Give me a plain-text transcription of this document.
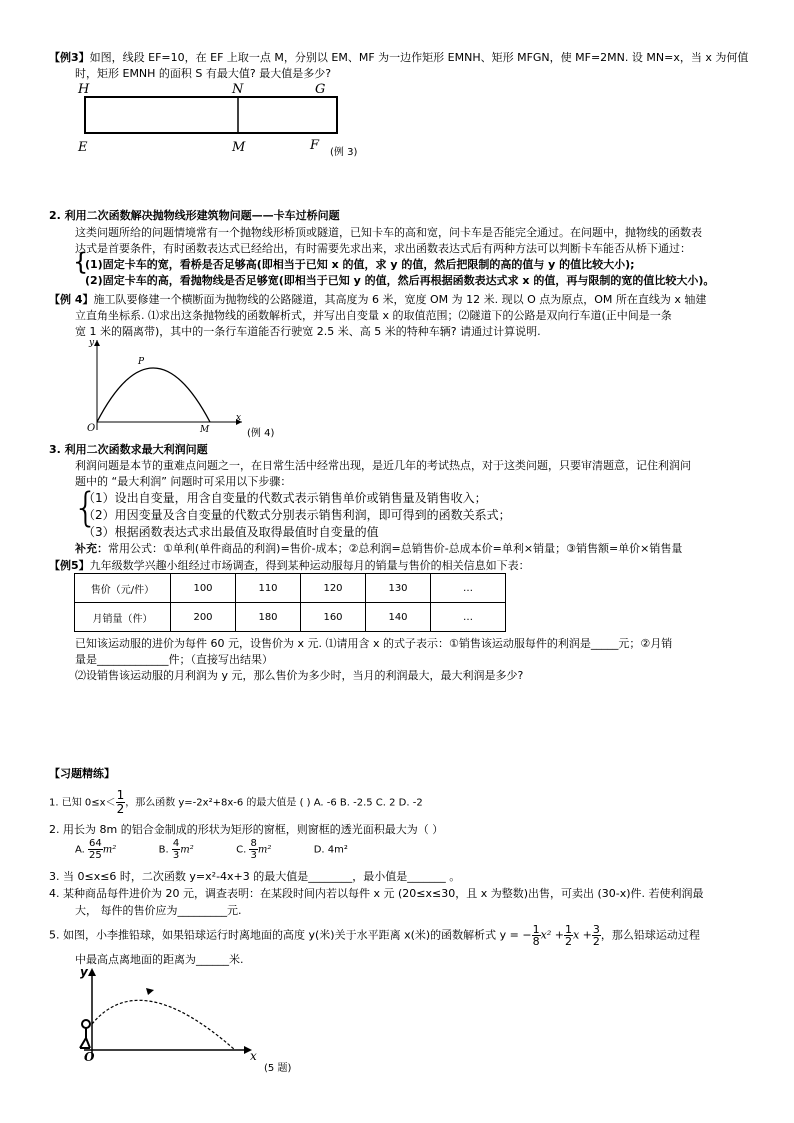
【例3】如图，线段 EF=10，在 EF 上取一点 M，分别以 EM、MF 为一边作矩形 EMNH、矩形 MFGN，使 MF=2MN. 设 MN=x，当 x 为何值
时，矩形 EMNH 的面积 S 有最大值? 最大值是多少?
H	N	G
E	M	F (例 3)
2. 利用二次函数解决抛物线形建筑物问题——卡车过桥问题
这类问题所给的问题情境常有一个抛物线形桥顶或隧道，已知卡车的高和宽，问卡车是否能完全通过。在问题中，抛物线的函数表
达式是首要条件，有时函数表达式已经给出，有时需要先求出来，求出函数表达式后有两种方法可以判断卡车能否从桥下通过：
{
(1)固定卡车的宽，看桥是否足够高(即相当于已知 x 的值，求 y 的值，然后把限制的高的值与 y 的值比较大小);
(2)固定卡车的高，看抛物线是否足够宽(即相当于已知 y 的值，然后再根据函数表达式求 x 的值，再与限制的宽的值比较大小)。
【例 4】施工队要修建一个横断面为抛物线的公路隧道，其高度为 6 米，宽度 OM 为 12 米. 现以 O 点为原点，OM 所在直线为 x 轴建
立直角坐标系. ⑴求出这条抛物线的函数解析式，并写出自变量 x 的取值范围；⑵隧道下的公路是双向行车道(正中间是一条
宽 1 米的隔离带)，其中的一条行车道能否行驶宽 2.5 米、高 5 米的特种车辆? 请通过计算说明.
y
x
P
O	M	(例 4)
3. 利用二次函数求最大利润问题
利润问题是本节的重难点问题之一，在日常生活中经常出现，是近几年的考试热点，对于这类问题，只要审清题意，记住利润问
题中的 “最大利润” 问题时可采用以下步骤：
{
（1）设出自变量，用含自变量的代数式表示销售单价或销售量及销售收入；
（2）用因变量及含自变量的代数式分别表示销售利润，即可得到的函数关系式；
（3）根据函数表达式求出最值及取得最值时自变量的值
补充：常用公式：①单利(单件商品的利润)=售价-成本；②总利润=总销售价-总成本价=单利×销量；③销售额=单价×销售量
【例5】九年级数学兴趣小组经过市场调查，得到某种运动服每月的销量与售价的相关信息如下表：
售价（元/件）	100	110	120	130	…
月销量（件）	200	180	160	140	…
已知该运动服的进价为每件 60 元，设售价为 x 元. ⑴请用含 x 的式子表示：①销售该运动服每件的利润是_____元；②月销
量是_____________件；（直接写出结果）
⑵设销售该运动服的月利润为 y 元，那么售价为多少时，当月的利润最大，最大利润是多少?
【习题精练】
1. 已知 $0\le x< \frac{1}{2}$ ，那么函数 y=-2x²+8x-6 的最大值是 ( ) A. -6 B. -2.5 C. 2 D. -2
2. 用长为 8m 的铝合金制成的形状为矩形的窗框，则窗框的透光面积最大为（ ）
A. $\frac{64}{25} m^2$	B. $\frac{4}{3} m^2$	C. $\frac{8}{3} m^2$	D. 4m²
3. 当 0≤x≤6 时，二次函数 y=x²-4x+3 的最大值是________，最小值是_______ 。
4. 某种商品每件进价为 20 元，调查表明：在某段时间内若以每件 x 元 (20≤x≤30，且 x 为整数)出售，可卖出 (30-x)件. 若使利润最
大， 每件的售价应为_________元.
5. 如图，小李推铅球，如果铅球运行时离地面的高度 y(米)关于水平距离 x(米)的函数解析式 y = − $\frac{1}{8} x^2 + \frac{1}{2}$ $x + \frac{3}{2}$ ，那么铅球运动过程
中最高点离地面的距离为______米.
y
x
O
(5 题)
